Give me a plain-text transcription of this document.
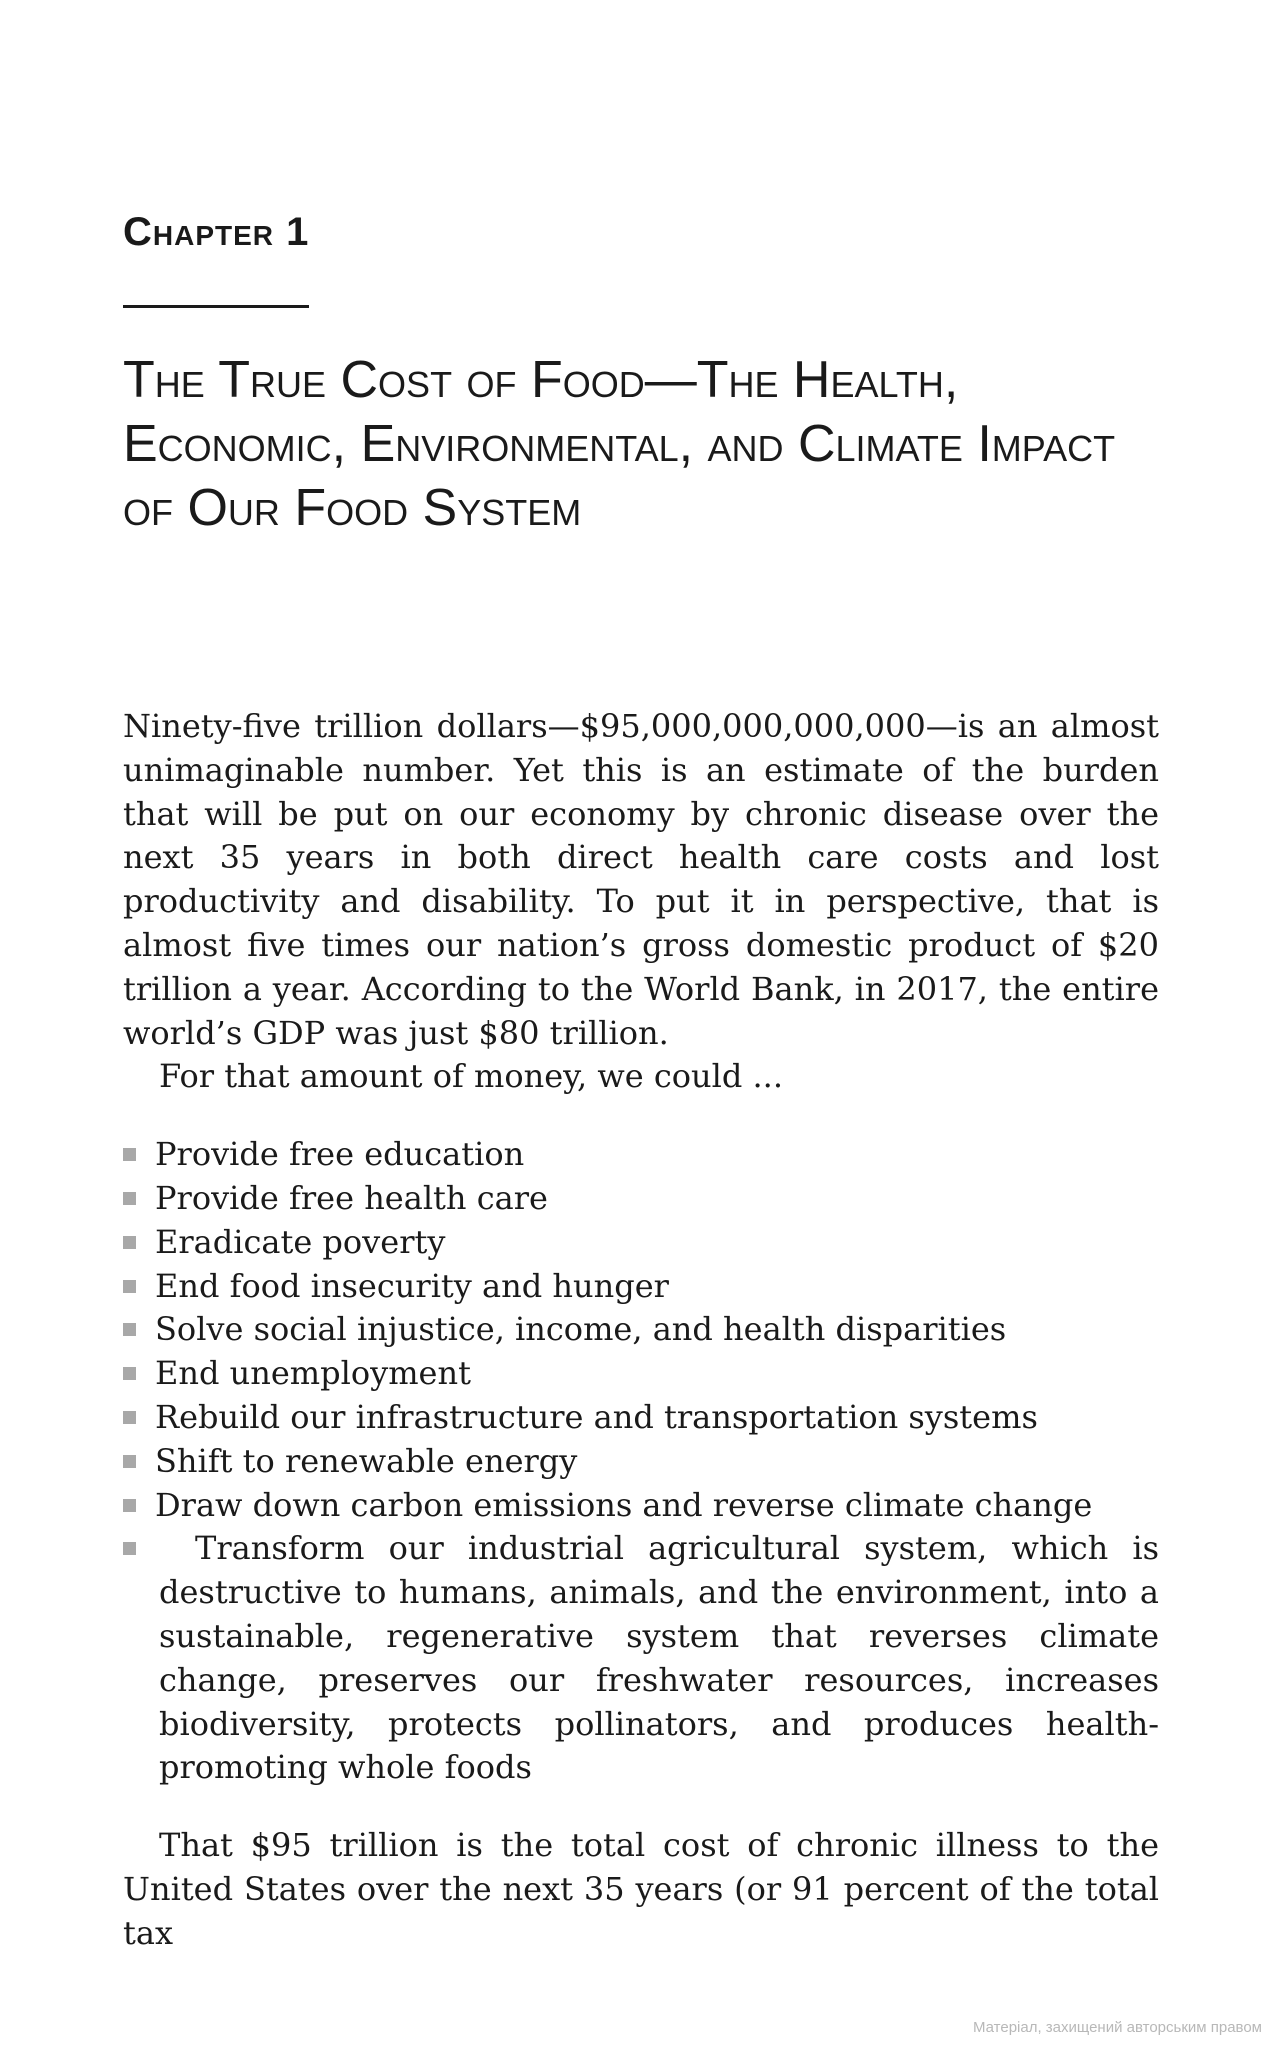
Chapter 1
The True Cost of Food—The Health, Economic, Environmental, and Climate Impact of Our Food System

Ninety-five trillion dollars—$95,000,000,000,000—is an almost unimaginable number. Yet this is an estimate of the burden that will be put on our economy by chronic disease over the next 35 years in both direct health care costs and lost productivity and disability. To put it in perspective, that is almost five times our nation’s gross domestic product of $20 trillion a year. According to the World Bank, in 2017, the entire world’s GDP was just $80 trillion.

For that amount of money, we could ...

Provide free education
Provide free health care
Eradicate poverty
End food insecurity and hunger
Solve social injustice, income, and health disparities
End unemployment
Rebuild our infrastructure and transportation systems
Shift to renewable energy
Draw down carbon emissions and reverse climate change
Transform our industrial agricultural system, which is destructive to humans, animals, and the environment, into a sustainable, regenerative system that reverses climate change, preserves our freshwater resources, increases biodiversity, protects pollinators, and produces health-promoting whole foods

That $95 trillion is the total cost of chronic illness to the United States over the next 35 years (or 91 percent of the total tax

Матеріал, захищений авторським правом
